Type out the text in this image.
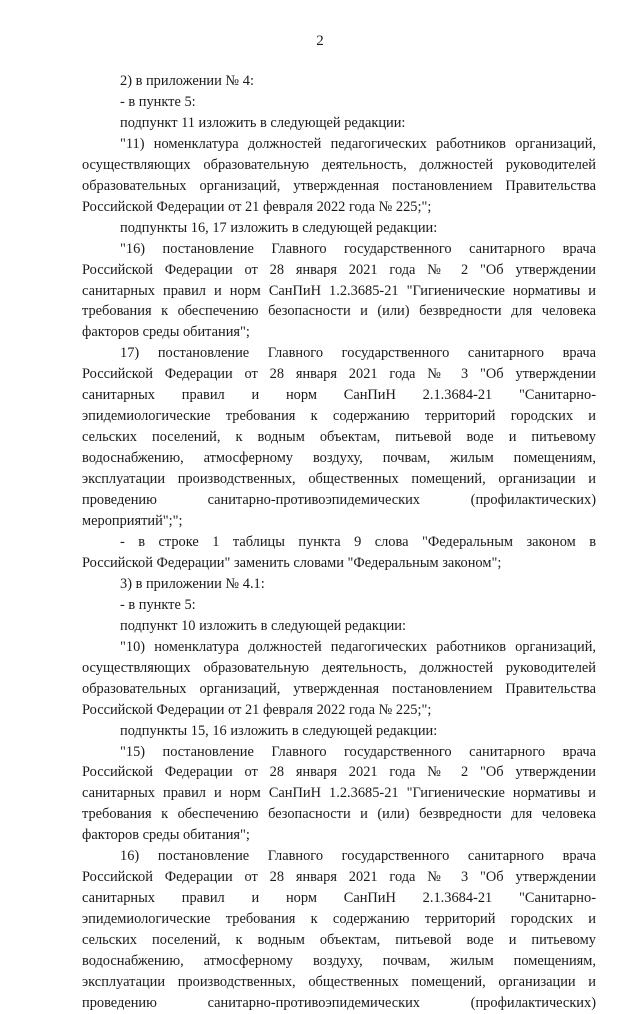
2

2) в приложении № 4:

- в пункте 5:

подпункт 11 изложить в следующей редакции:

"11) номенклатура должностей педагогических работников организаций,

осуществляющих образовательную деятельность, должностей руководителей

образовательных организаций, утвержденная постановлением Правительства

Российской Федерации от 21 февраля 2022 года № 225;";

подпункты 16, 17 изложить в следующей редакции:

"16) постановление Главного государственного санитарного врача

Российской Федерации от 28 января 2021 года № 2 "Об утверждении

санитарных правил и норм СанПиН 1.2.3685-21 "Гигиенические нормативы и

требования к обеспечению безопасности и (или) безвредности для человека

факторов среды обитания";

17) постановление Главного государственного санитарного врача

Российской Федерации от 28 января 2021 года № 3 "Об утверждении

санитарных правил и норм СанПиН 2.1.3684-21 "Санитарно-

эпидемиологические требования к содержанию территорий городских и

сельских поселений, к водным объектам, питьевой воде и питьевому

водоснабжению, атмосферному воздуху, почвам, жилым помещениям,

эксплуатации производственных, общественных помещений, организации и

проведению санитарно-противоэпидемических (профилактических)

мероприятий";";

- в строке 1 таблицы пункта 9 слова "Федеральным законом в

Российской Федерации" заменить словами "Федеральным законом";

3) в приложении № 4.1:

- в пункте 5:

подпункт 10 изложить в следующей редакции:

"10) номенклатура должностей педагогических работников организаций,

осуществляющих образовательную деятельность, должностей руководителей

образовательных организаций, утвержденная постановлением Правительства

Российской Федерации от 21 февраля 2022 года № 225;";

подпункты 15, 16 изложить в следующей редакции:

"15) постановление Главного государственного санитарного врача

Российской Федерации от 28 января 2021 года № 2 "Об утверждении

санитарных правил и норм СанПиН 1.2.3685-21 "Гигиенические нормативы и

требования к обеспечению безопасности и (или) безвредности для человека

факторов среды обитания";

16) постановление Главного государственного санитарного врача

Российской Федерации от 28 января 2021 года № 3 "Об утверждении

санитарных правил и норм СанПиН 2.1.3684-21 "Санитарно-

эпидемиологические требования к содержанию территорий городских и

сельских поселений, к водным объектам, питьевой воде и питьевому

водоснабжению, атмосферному воздуху, почвам, жилым помещениям,

эксплуатации производственных, общественных помещений, организации и

проведению санитарно-противоэпидемических (профилактических)
